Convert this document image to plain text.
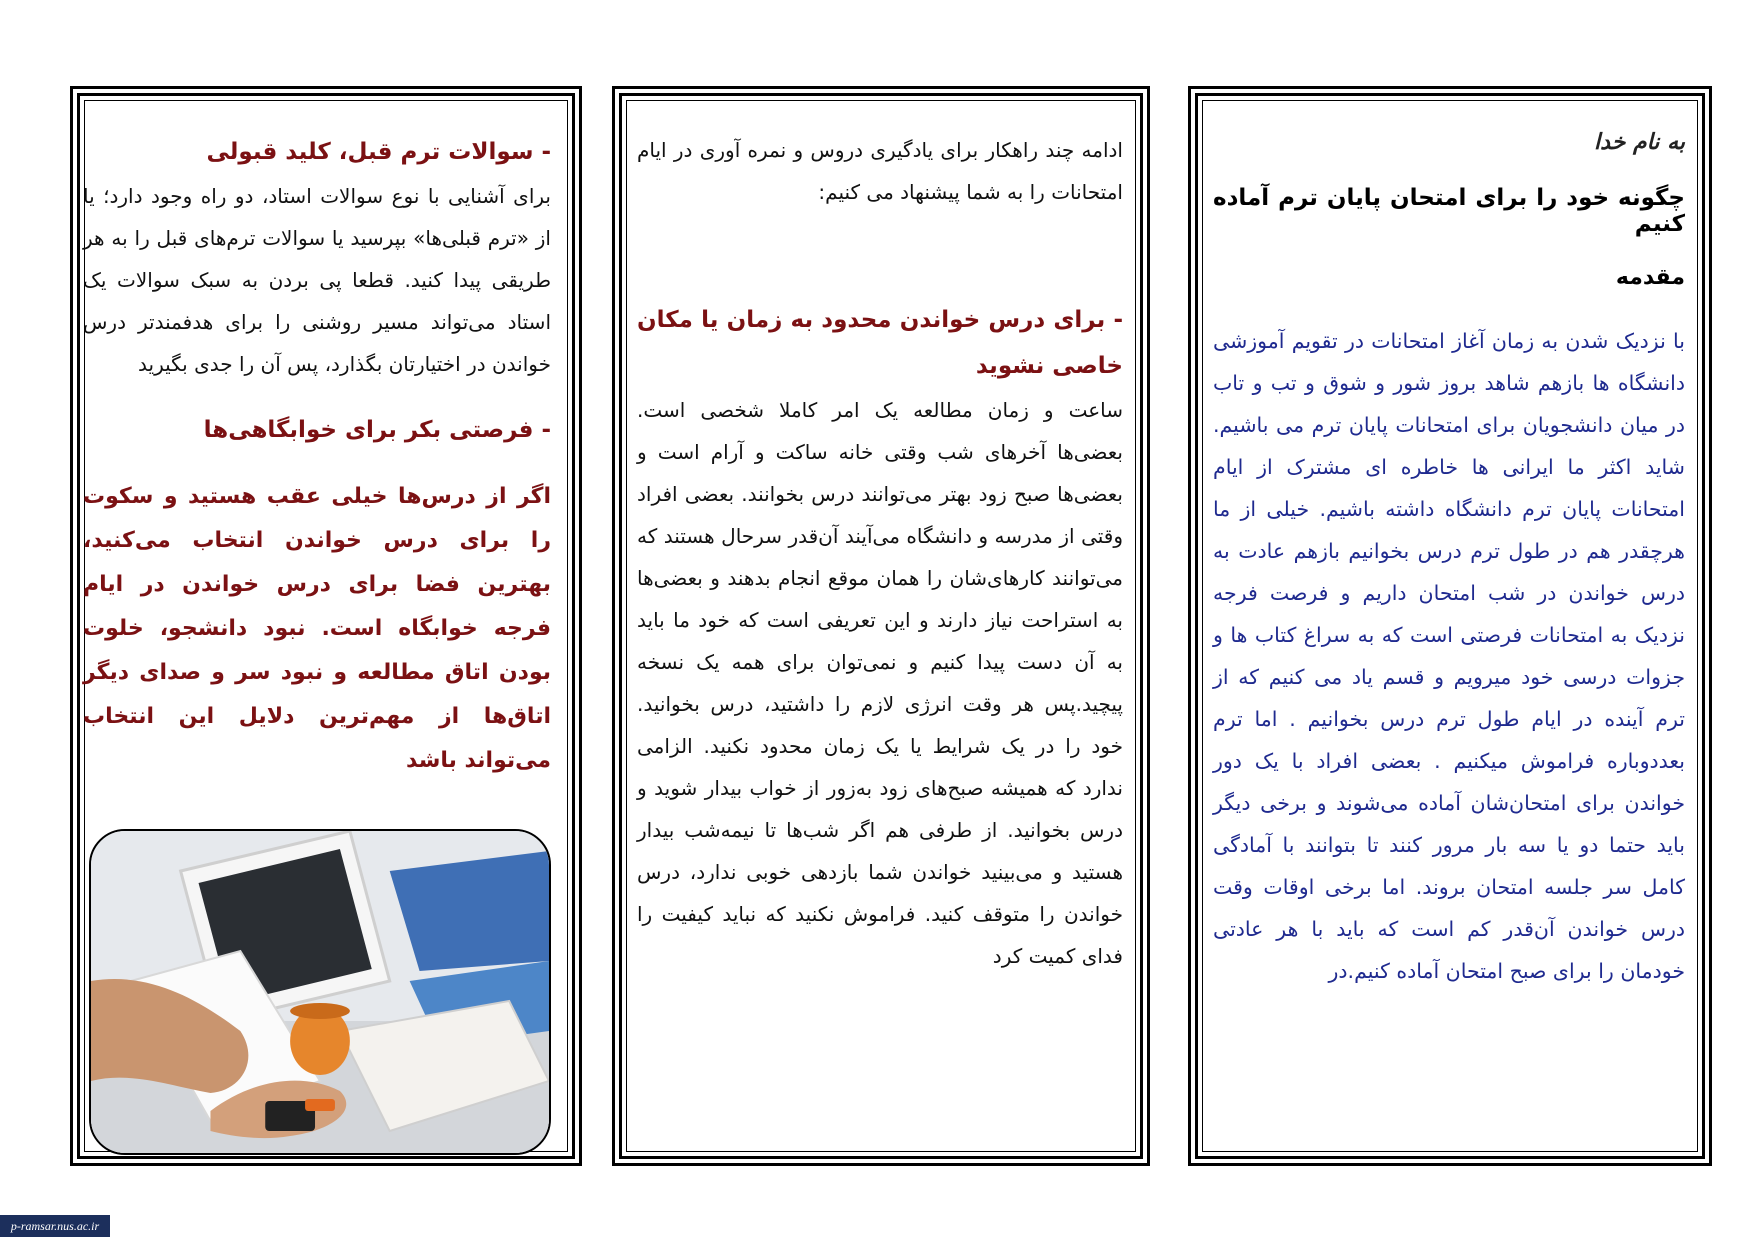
به نام خدا

چگونه خود را برای امتحان پایان ترم آماده کنیم

مقدمه

با نزدیک شدن به زمان آغاز امتحانات در تقویم آموزشی دانشگاه ها بازهم شاهد بروز شور و شوق و تب و تاب در میان دانشجویان برای امتحانات پایان ترم می باشیم. شاید اکثر ما ایرانی ها خاطره ای مشترک از ایام امتحانات پایان ترم دانشگاه داشته باشیم. خیلی از ما هرچقدر هم در طول ترم درس بخوانیم بازهم عادت به درس خواندن در شب امتحان داریم و فرصت فرجه نزدیک به امتحانات فرصتی است که به سراغ کتاب ها و جزوات درسی خود میرویم و قسم یاد می کنیم که از ترم آینده در ایام طول ترم درس بخوانیم . اما ترم بعددوباره فراموش میکنیم . بعضی افراد با یک دور خواندن برای امتحان‌شان آماده می‌شوند و برخی دیگر باید حتما دو یا سه بار مرور کنند تا بتوانند با آمادگی کامل سر جلسه امتحان بروند. اما برخی اوقات وقت درس خواندن آن‌قدر کم است که باید با هر عادتی خودمان را برای صبح امتحان آماده کنیم.در

ادامه چند راهکار برای یادگیری دروس و نمره آوری در ایام امتحانات را به شما پیشنهاد می کنیم:

- برای درس خواندن محدود به زمان یا مکان خاصی نشوید

ساعت و زمان مطالعه یک امر کاملا شخصی است. بعضی‌ها آخرهای شب وقتی خانه ساکت و آرام است و بعضی‌ها صبح زود بهتر می‌توانند درس بخوانند. بعضی افراد وقتی از مدرسه و دانشگاه می‌آیند آن‌قدر سرحال هستند که می‌توانند کارهای‌شان را همان موقع انجام بدهند و بعضی‌ها به استراحت نیاز دارند و این تعریفی است که خود ما باید به آن دست پیدا کنیم و نمی‌توان برای همه یک نسخه پیچید.پس هر وقت انرژی لازم را داشتید، درس بخوانید. خود را در یک شرایط یا یک زمان محدود نکنید. الزامی ندارد که همیشه صبح‌های زود به‌زور از خواب بیدار شوید و درس بخوانید. از طرفی هم اگر شب‌ها تا نیمه‌شب بیدار هستید و می‌بینید خواندن شما بازدهی خوبی ندارد، درس خواندن را متوقف کنید. فراموش نکنید که نباید کیفیت را فدای کمیت کرد

- سوالات ترم قبل، کلید قبولی

برای آشنایی با نوع سوالات استاد، دو راه وجود دارد؛ یا از «ترم قبلی‌ها» بپرسید یا سوالات ترم‌های قبل را به هر طریقی پیدا کنید. قطعا پی بردن به سبک سوالات یک استاد می‌تواند مسیر روشنی را برای هدفمندتر درس خواندن در اختیارتان بگذارد، پس آن را جدی بگیرید

- فرصتی بکر برای خوابگاهی‌ها

اگر از درس‌ها خیلی عقب هستید و سکوت را برای درس خواندن انتخاب می‌کنید، بهترین فضا برای درس خواندن در ایام فرجه خوابگاه است. نبود دانشجو، خلوت بودن اتاق مطالعه و نبود سر و صدای دیگر اتاق‌ها از مهم‌ترین دلایل این انتخاب می‌تواند باشد

p-ramsar.nus.ac.ir
